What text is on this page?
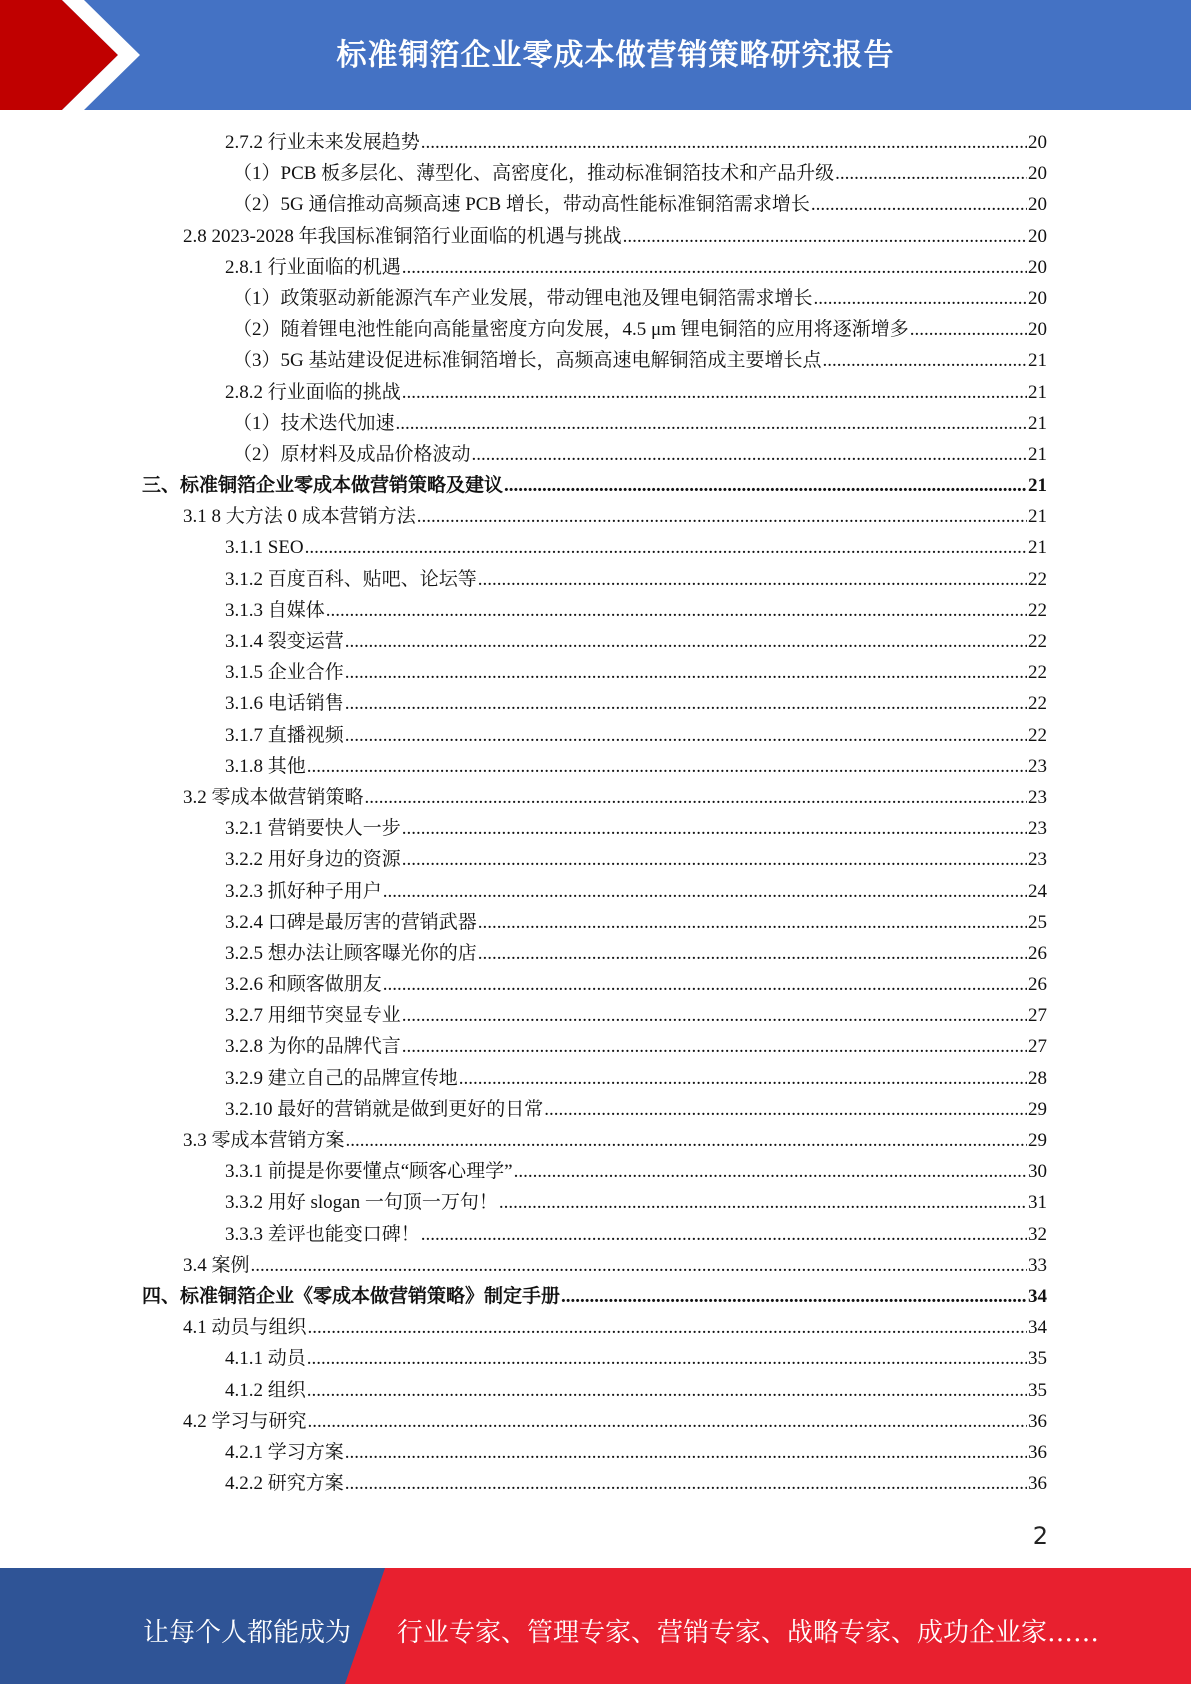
标准铜箔企业零成本做营销策略研究报告
2.7.2 行业未来发展趋势 .....	20
（1）PCB 板多层化、薄型化、高密度化，推动标准铜箔技术和产品升级 .....	20
（2）5G 通信推动高频高速 PCB 增长，带动高性能标准铜箔需求增长 .....	20
2.8 2023-2028 年我国标准铜箔行业面临的机遇与挑战 .....	20
2.8.1 行业面临的机遇 .....	20
（1）政策驱动新能源汽车产业发展，带动锂电池及锂电铜箔需求增长 .....	20
（2）随着锂电池性能向高能量密度方向发展，4.5 μm 锂电铜箔的应用将逐渐增多 .....	20
（3）5G 基站建设促进标准铜箔增长，高频高速电解铜箔成主要增长点 .....	21
2.8.2 行业面临的挑战 .....	21
（1）技术迭代加速 .....	21
（2）原材料及成品价格波动 .....	21
三、标准铜箔企业零成本做营销策略及建议 .....	21
3.1 8 大方法 0 成本营销方法 .....	21
3.1.1 SEO .....	21
3.1.2 百度百科、贴吧、论坛等 .....	22
3.1.3 自媒体 .....	22
3.1.4 裂变运营 .....	22
3.1.5 企业合作 .....	22
3.1.6 电话销售 .....	22
3.1.7 直播视频 .....	22
3.1.8 其他 .....	23
3.2 零成本做营销策略 .....	23
3.2.1 营销要快人一步 .....	23
3.2.2 用好身边的资源 .....	23
3.2.3 抓好种子用户 .....	24
3.2.4 口碑是最厉害的营销武器 .....	25
3.2.5 想办法让顾客曝光你的店 .....	26
3.2.6 和顾客做朋友 .....	26
3.2.7 用细节突显专业 .....	27
3.2.8 为你的品牌代言 .....	27
3.2.9 建立自己的品牌宣传地 .....	28
3.2.10 最好的营销就是做到更好的日常 .....	29
3.3 零成本营销方案 .....	29
3.3.1 前提是你要懂点“顾客心理学” .....	30
3.3.2 用好 slogan 一句顶一万句！ .....	31
3.3.3 差评也能变口碑！ .....	32
3.4 案例 .....	33
四、标准铜箔企业《零成本做营销策略》制定手册 .....	34
4.1 动员与组织 .....	34
4.1.1 动员 .....	35
4.1.2 组织 .....	35
4.2 学习与研究 .....	36
4.2.1 学习方案 .....	36
4.2.2 研究方案 .....	36
2
让每个人都能成为 行业专家、管理专家、营销专家、战略专家、成功企业家……
